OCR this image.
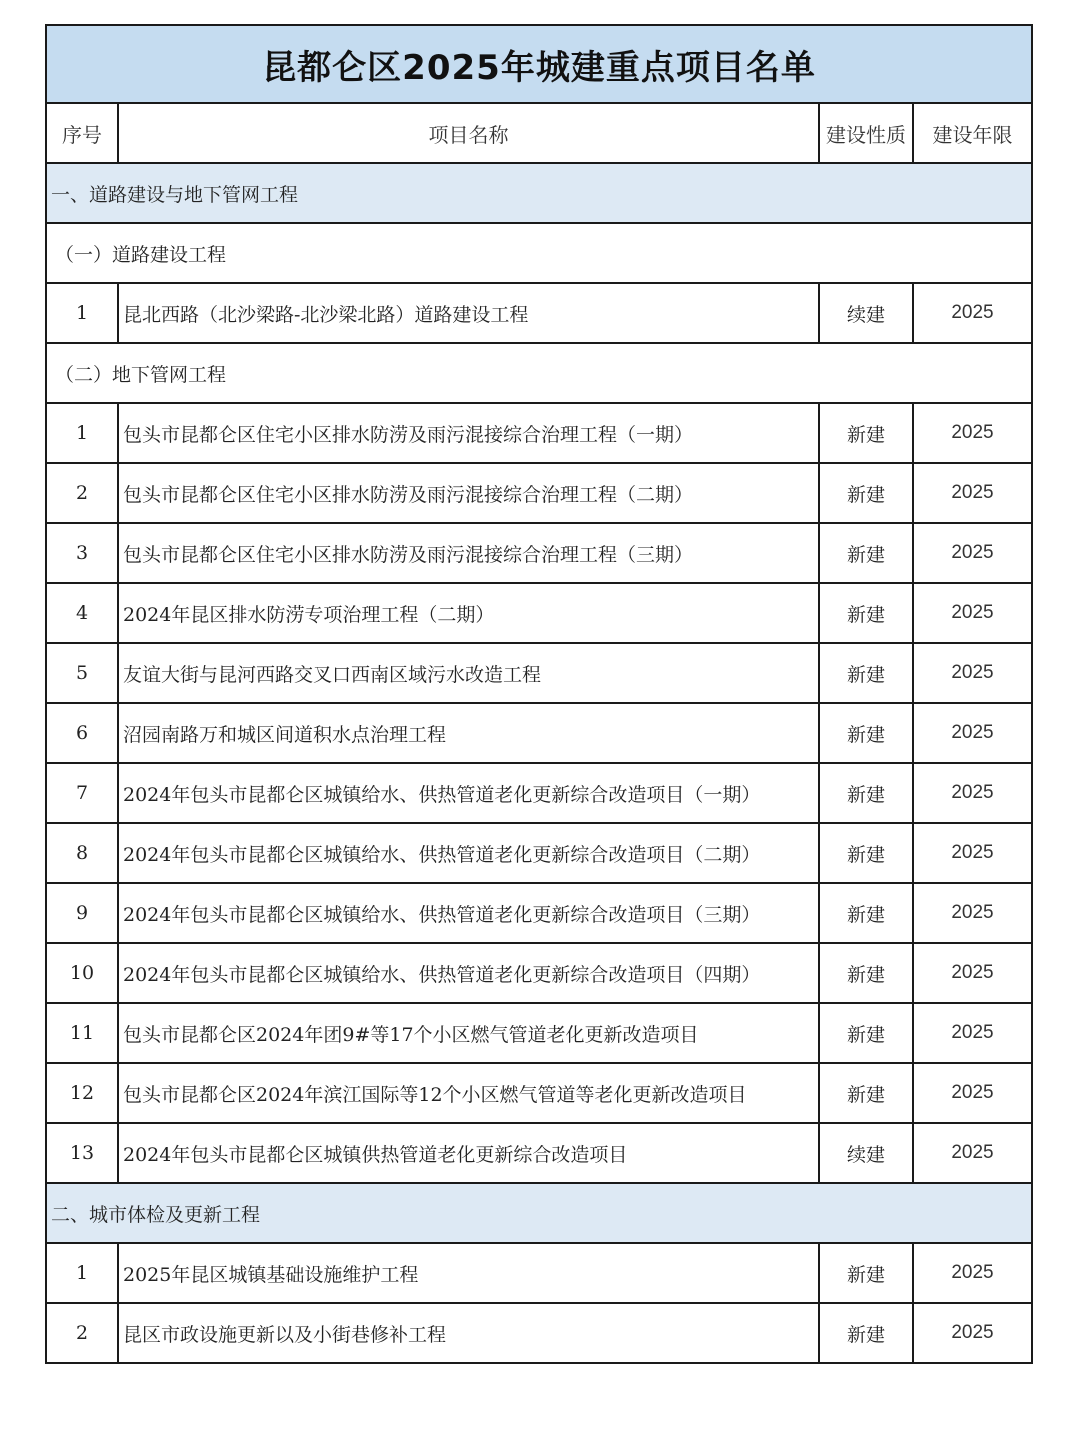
昆都仑区2025年城建重点项目名单			
序号	项目名称	建设性质	建设年限
一、道路建设与地下管网工程			
（一）道路建设工程			
1	昆北西路（北沙梁路-北沙梁北路）道路建设工程	续建	2025
（二）地下管网工程			
1	包头市昆都仑区住宅小区排水防涝及雨污混接综合治理工程（一期）	新建	2025
2	包头市昆都仑区住宅小区排水防涝及雨污混接综合治理工程（二期）	新建	2025
3	包头市昆都仑区住宅小区排水防涝及雨污混接综合治理工程（三期）	新建	2025
4	2024年昆区排水防涝专项治理工程（二期）	新建	2025
5	友谊大街与昆河西路交叉口西南区域污水改造工程	新建	2025
6	沼园南路万和城区间道积水点治理工程	新建	2025
7	2024年包头市昆都仑区城镇给水、供热管道老化更新综合改造项目（一期）	新建	2025
8	2024年包头市昆都仑区城镇给水、供热管道老化更新综合改造项目（二期）	新建	2025
9	2024年包头市昆都仑区城镇给水、供热管道老化更新综合改造项目（三期）	新建	2025
10	2024年包头市昆都仑区城镇给水、供热管道老化更新综合改造项目（四期）	新建	2025
11	包头市昆都仑区2024年团9#等17个小区燃气管道老化更新改造项目	新建	2025
12	包头市昆都仑区2024年滨江国际等12个小区燃气管道等老化更新改造项目	新建	2025
13	2024年包头市昆都仑区城镇供热管道老化更新综合改造项目	续建	2025
二、城市体检及更新工程			
1	2025年昆区城镇基础设施维护工程	新建	2025
2	昆区市政设施更新以及小街巷修补工程	新建	2025
